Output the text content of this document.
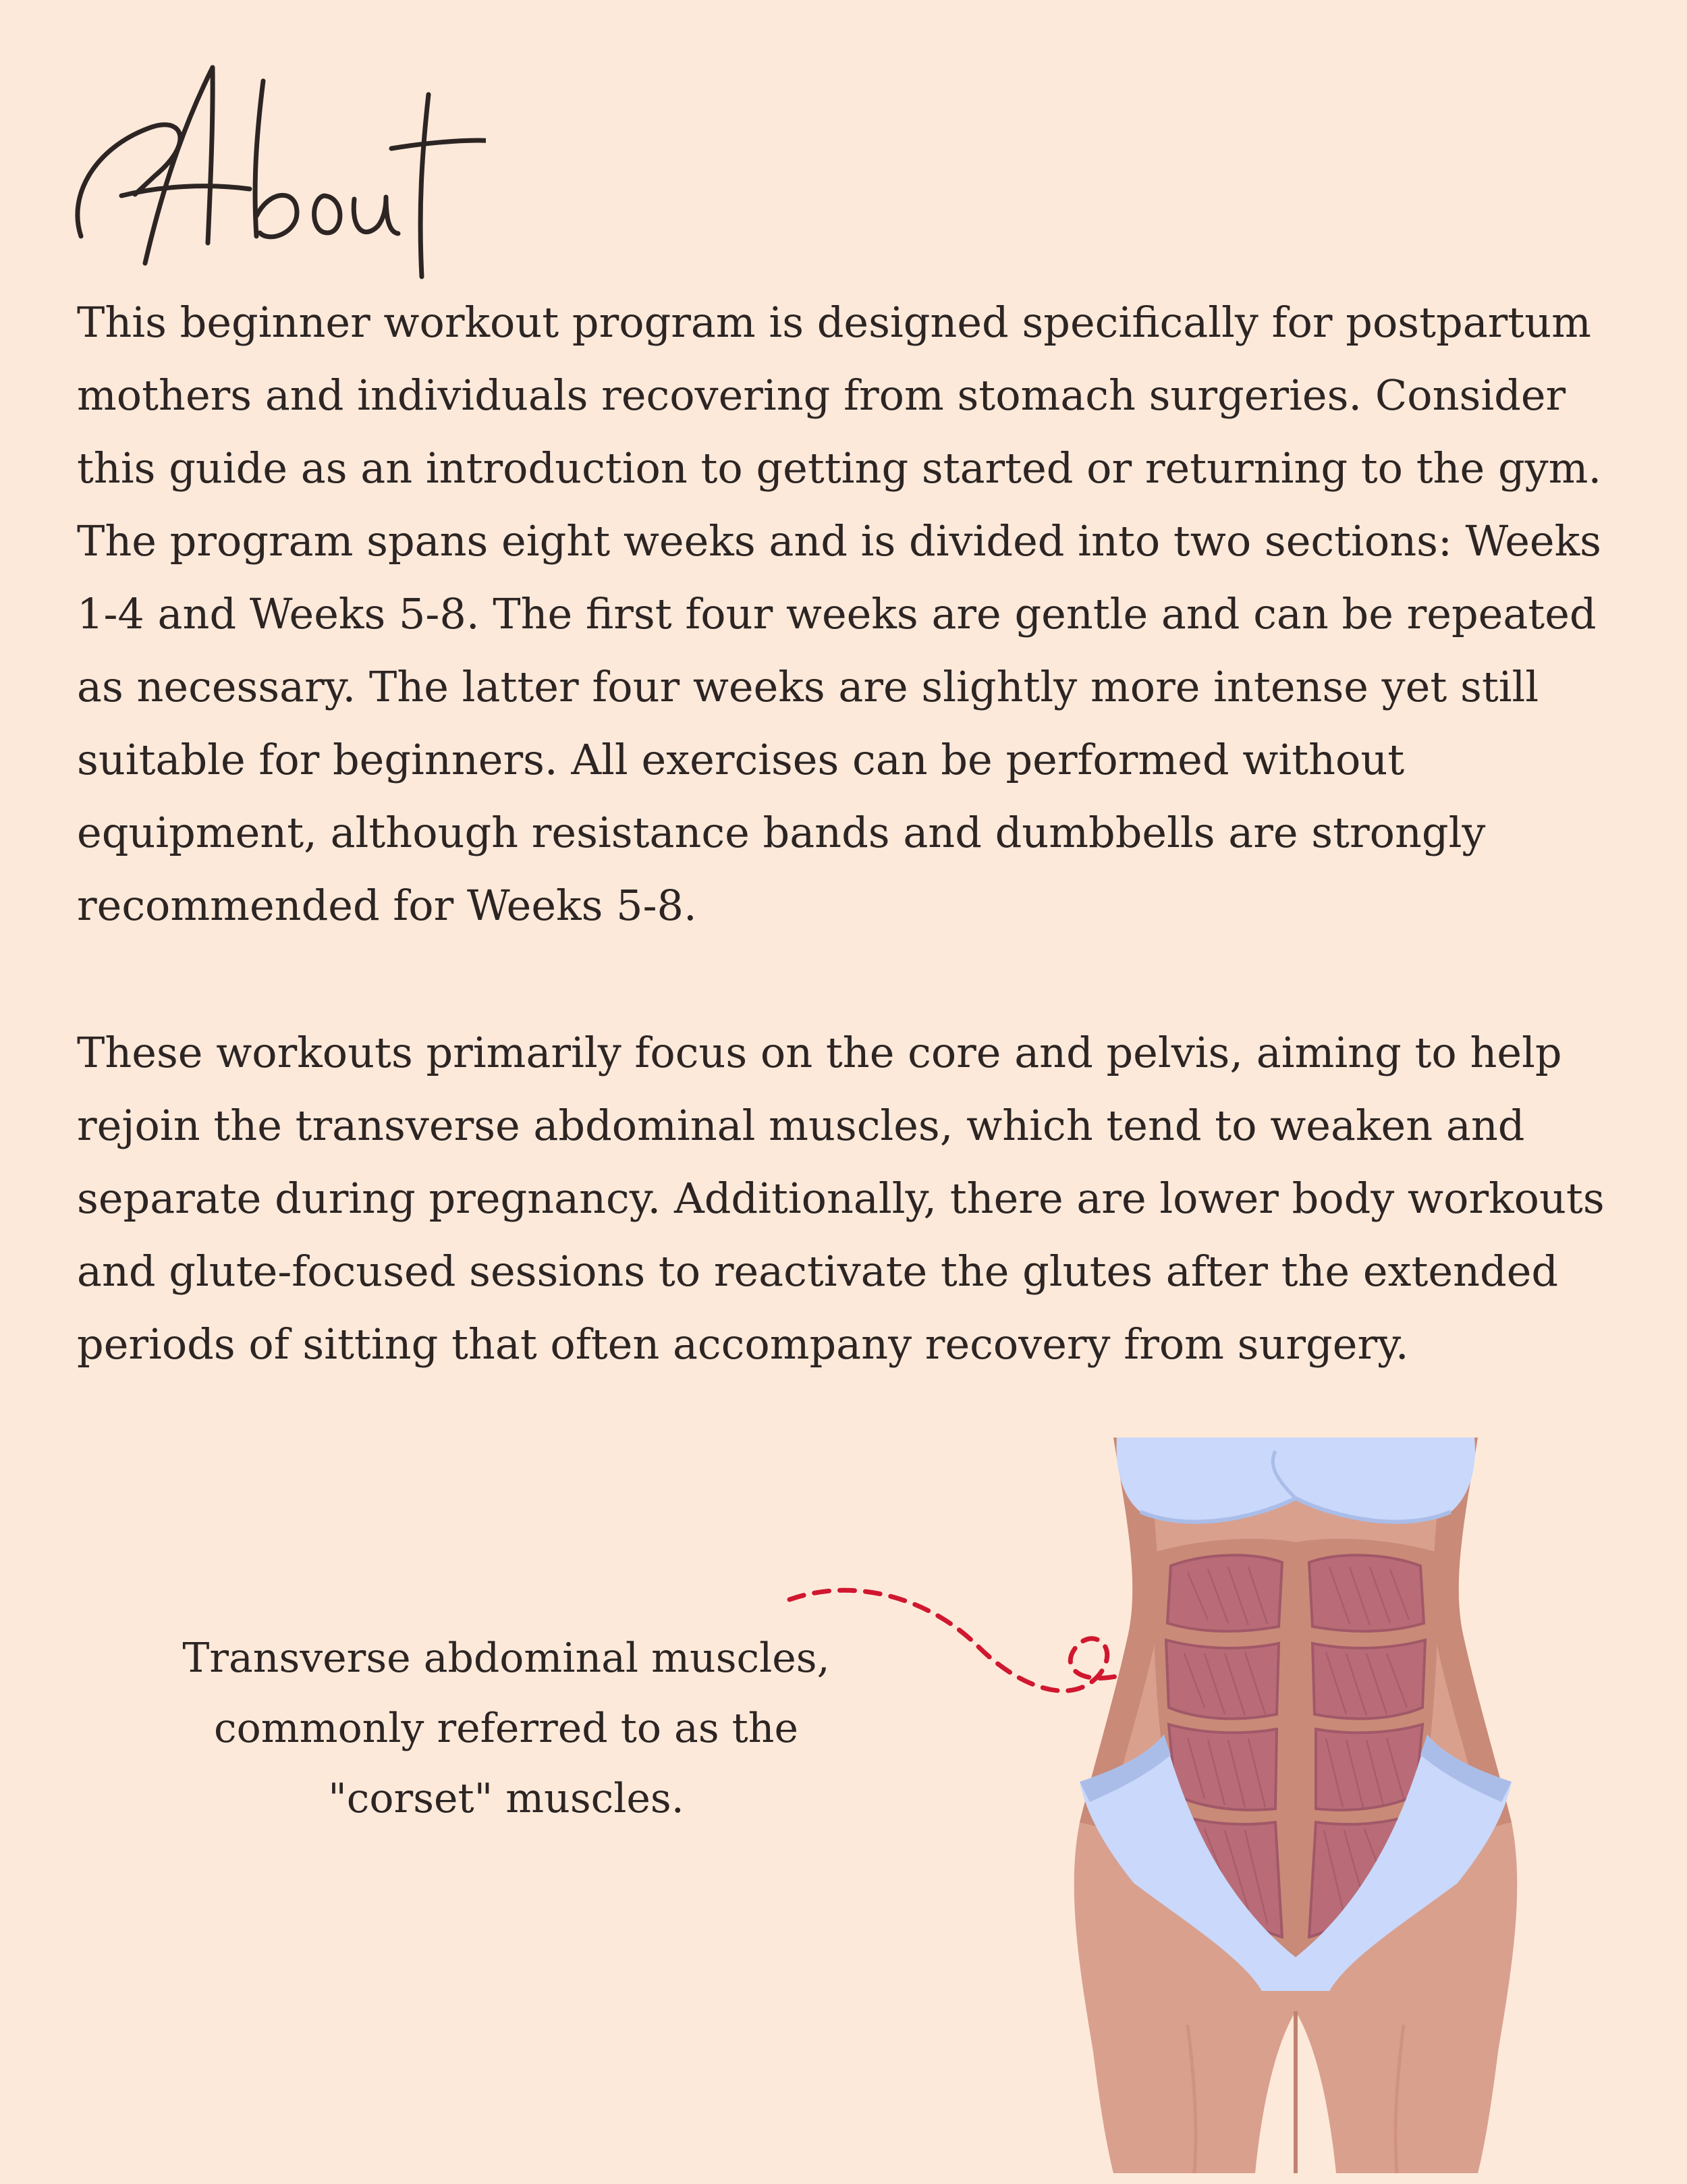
This beginner workout program is designed specifically for postpartum mothers and individuals recovering from stomach surgeries. Consider this guide as an introduction to getting started or returning to the gym. The program spans eight weeks and is divided into two sections: Weeks 1-4 and Weeks 5-8. The first four weeks are gentle and can be repeated as necessary. The latter four weeks are slightly more intense yet still suitable for beginners. All exercises can be performed without equipment, although resistance bands and dumbbells are strongly recommended for Weeks 5-8.

These workouts primarily focus on the core and pelvis, aiming to help rejoin the transverse abdominal muscles, which tend to weaken and separate during pregnancy. Additionally, there are lower body workouts and glute-focused sessions to reactivate the glutes after the extended periods of sitting that often accompany recovery from surgery.

Transverse abdominal muscles,
commonly referred to as the
"corset" muscles.
